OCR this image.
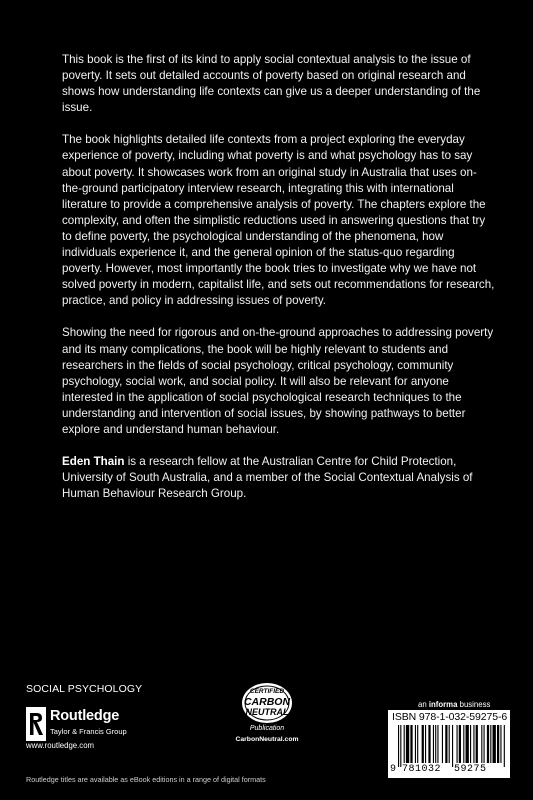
This book is the first of its kind to apply social contextual analysis to the issue of poverty. It sets out detailed accounts of poverty based on original research and shows how understanding life contexts can give us a deeper understanding of the issue.

The book highlights detailed life contexts from a project exploring the everyday experience of poverty, including what poverty is and what psychology has to say about poverty. It showcases work from an original study in Australia that uses on-the-ground participatory interview research, integrating this with international literature to provide a comprehensive analysis of poverty. The chapters explore the complexity, and often the simplistic reductions used in answering questions that try to define poverty, the psychological understanding of the phenomena, how individuals experience it, and the general opinion of the status-quo regarding poverty. However, most importantly the book tries to investigate why we have not solved poverty in modern, capitalist life, and sets out recommendations for research, practice, and policy in addressing issues of poverty.

Showing the need for rigorous and on-the-ground approaches to addressing poverty and its many complications, the book will be highly relevant to students and researchers in the fields of social psychology, critical psychology, community psychology, social work, and social policy. It will also be relevant for anyone interested in the application of social psychological research techniques to the understanding and intervention of social issues, by showing pathways to better explore and understand human behaviour.

Eden Thain is a research fellow at the Australian Centre for Child Protection, University of South Australia, and a member of the Social Contextual Analysis of Human Behaviour Research Group.

SOCIAL PSYCHOLOGY
Routledge
Taylor & Francis Group
www.routledge.com
Routledge titles are available as eBook editions in a range of digital formats
CERTIFIED
CARBON
NEUTRAL
Publication
CarbonNeutral.com
an informa business
ISBN 978-1-032-59275-6
9 781032 59275
